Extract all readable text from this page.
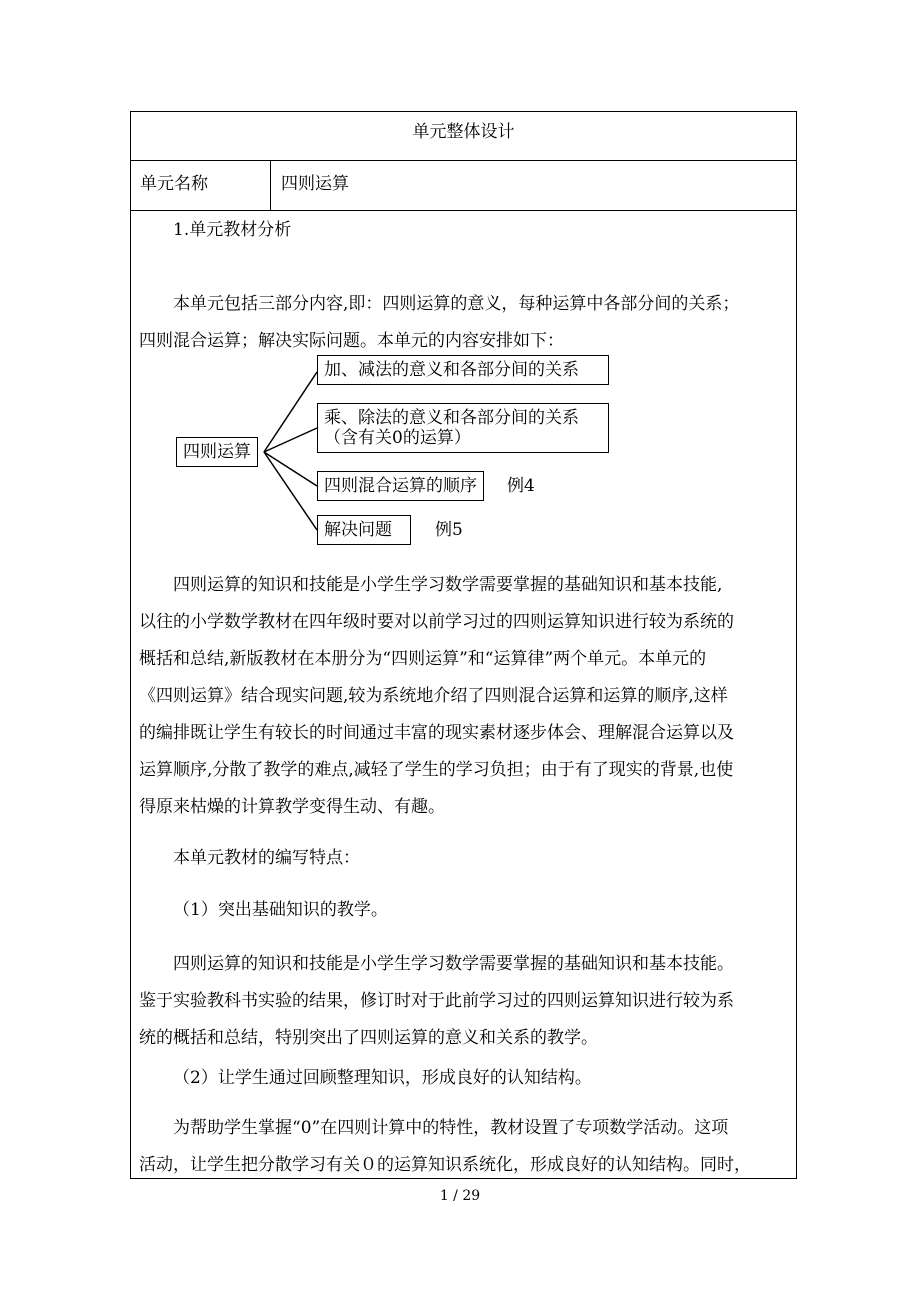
单元整体设计
单元名称	四则运算
1.单元教材分析
本单元包括三部分内容,即：四则运算的意义，每种运算中各部分间的关系；
四则混合运算；解决实际问题。本单元的内容安排如下：
四则运算
加、减法的意义和各部分间的关系
乘、除法的意义和各部分间的关系
（含有关0的运算）
四则混合运算的顺序	例4
解决问题	例5
四则运算的知识和技能是小学生学习数学需要掌握的基础知识和基本技能,
以往的小学数学教材在四年级时要对以前学习过的四则运算知识进行较为系统的
概括和总结,新版教材在本册分为“四则运算”和“运算律”两个单元。本单元的
《四则运算》结合现实问题,较为系统地介绍了四则混合运算和运算的顺序,这样
的编排既让学生有较长的时间通过丰富的现实素材逐步体会、理解混合运算以及
运算顺序,分散了教学的难点,减轻了学生的学习负担；由于有了现实的背景,也使
得原来枯燥的计算教学变得生动、有趣。
本单元教材的编写特点：
（1）突出基础知识的教学。
四则运算的知识和技能是小学生学习数学需要掌握的基础知识和基本技能。
鉴于实验教科书实验的结果，修订时对于此前学习过的四则运算知识进行较为系
统的概括和总结，特别突出了四则运算的意义和关系的教学。
（2）让学生通过回顾整理知识，形成良好的认知结构。
为帮助学生掌握“0”在四则计算中的特性，教材设置了专项数学活动。这项
活动，让学生把分散学习有关０的运算知识系统化，形成良好的认知结构。同时，
1 / 29
